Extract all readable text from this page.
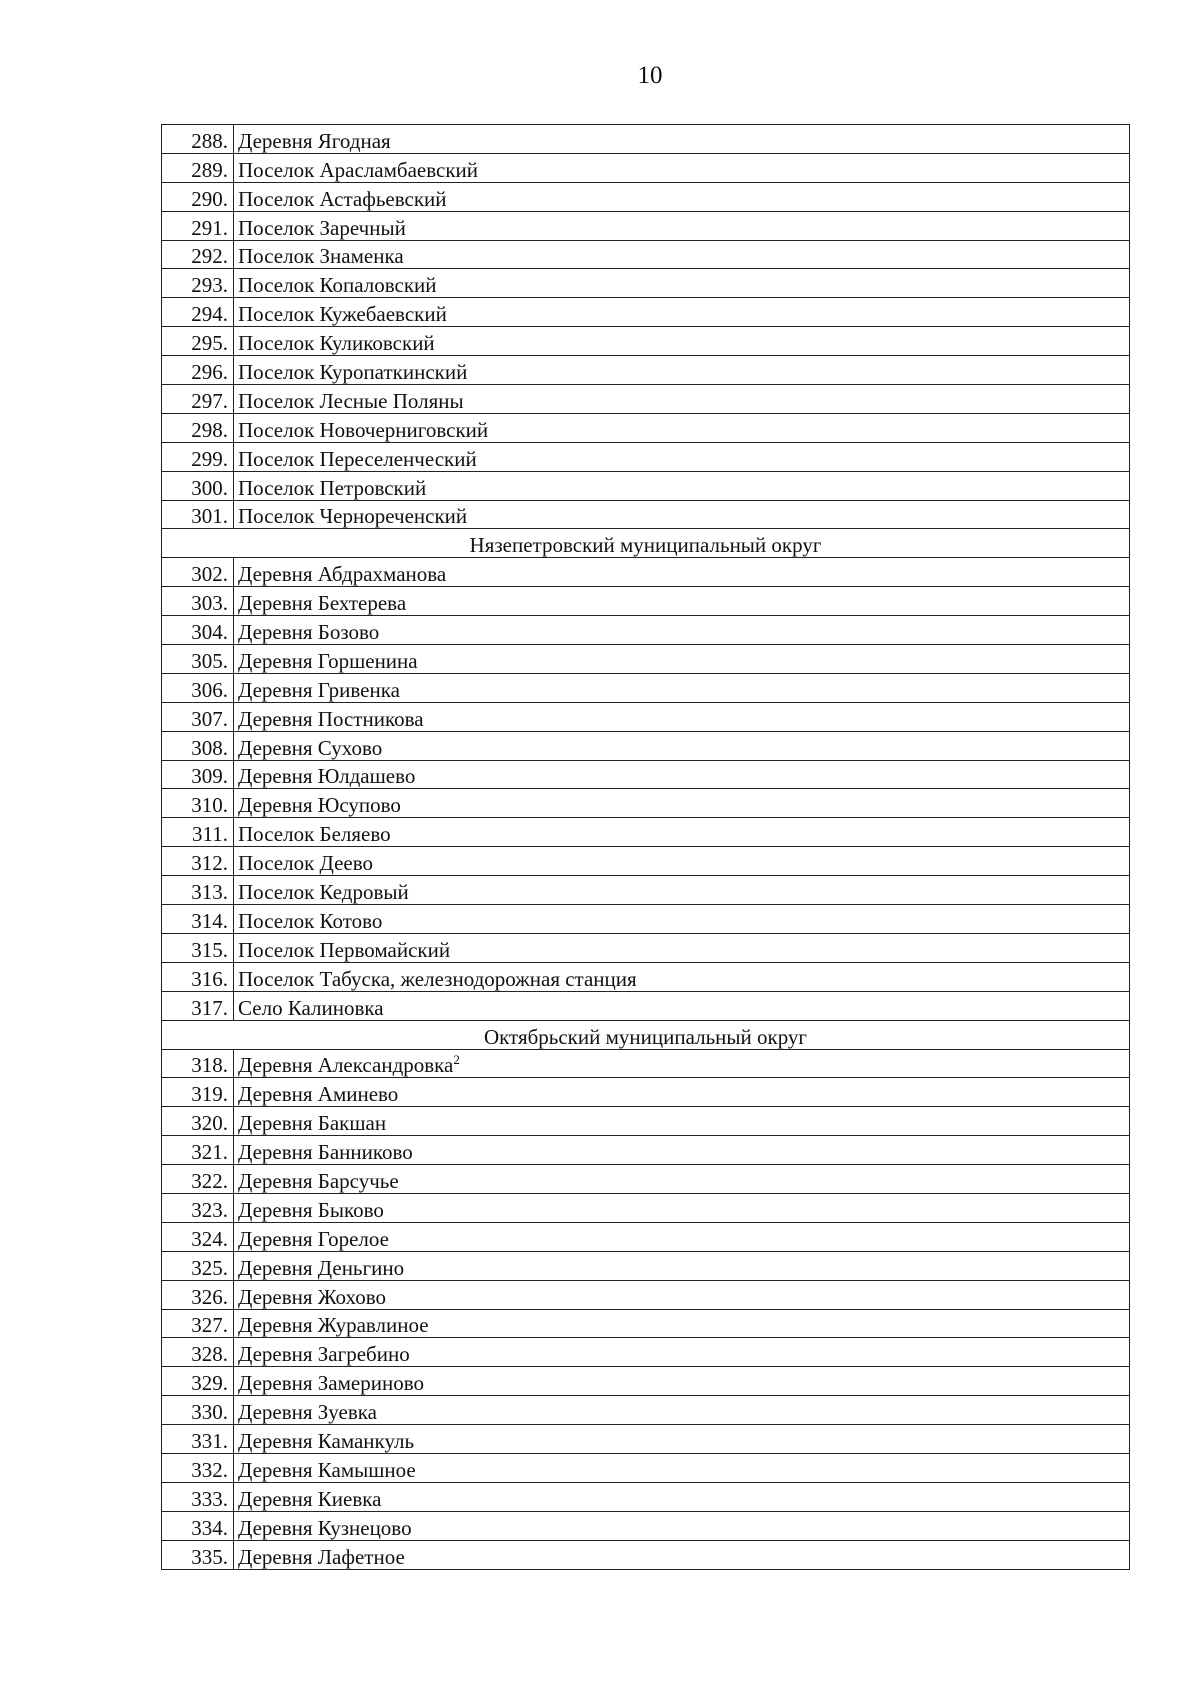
10
288.	Деревня Ягодная
289.	Поселок Арасламбаевский
290.	Поселок Астафьевский
291.	Поселок Заречный
292.	Поселок Знаменка
293.	Поселок Копаловский
294.	Поселок Кужебаевский
295.	Поселок Куликовский
296.	Поселок Куропаткинский
297.	Поселок Лесные Поляны
298.	Поселок Новочерниговский
299.	Поселок Переселенческий
300.	Поселок Петровский
301.	Поселок Чернореченский
Нязепетровский муниципальный округ	
302.	Деревня Абдрахманова
303.	Деревня Бехтерева
304.	Деревня Бозово
305.	Деревня Горшенина
306.	Деревня Гривенка
307.	Деревня Постникова
308.	Деревня Сухово
309.	Деревня Юлдашево
310.	Деревня Юсупово
311.	Поселок Беляево
312.	Поселок Деево
313.	Поселок Кедровый
314.	Поселок Котово
315.	Поселок Первомайский
316.	Поселок Табуска, железнодорожная станция
317.	Село Калиновка
Октябрьский муниципальный округ	
318.	Деревня Александровка$^2$
319.	Деревня Аминево
320.	Деревня Бакшан
321.	Деревня Банниково
322.	Деревня Барсучье
323.	Деревня Быково
324.	Деревня Горелое
325.	Деревня Деньгино
326.	Деревня Жохово
327.	Деревня Журавлиное
328.	Деревня Загребино
329.	Деревня Замериново
330.	Деревня Зуевка
331.	Деревня Каманкуль
332.	Деревня Камышное
333.	Деревня Киевка
334.	Деревня Кузнецово
335.	Деревня Лафетное
